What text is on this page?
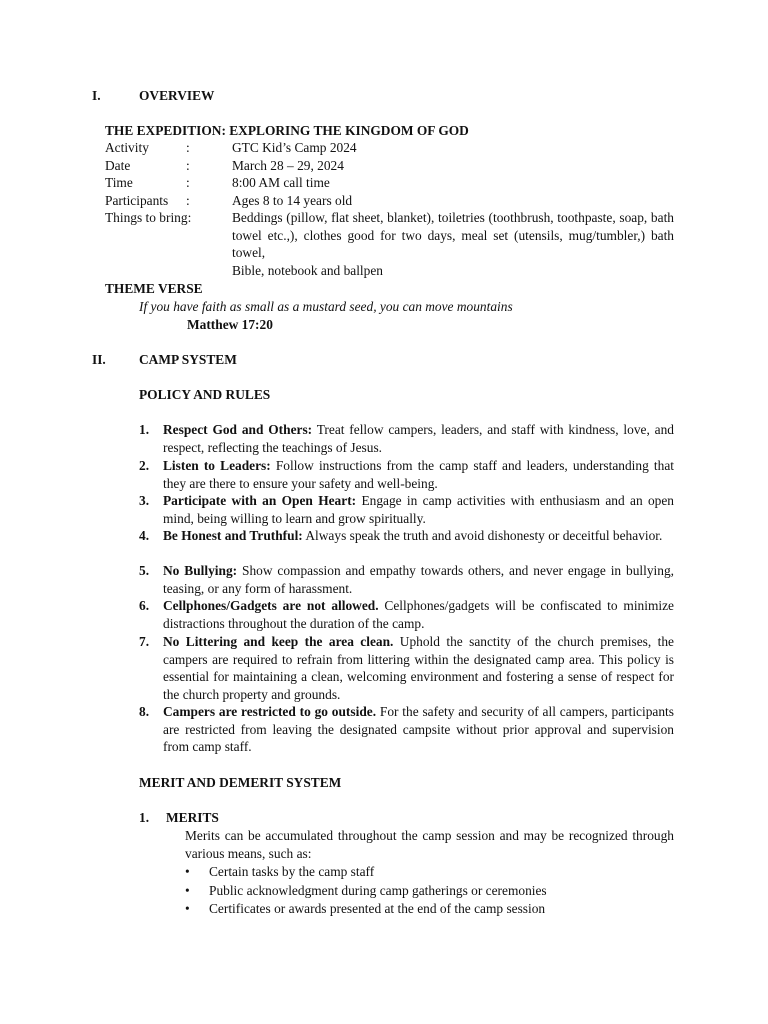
I.	OVERVIEW
THE EXPEDITION: EXPLORING THE KINGDOM OF GOD
Activity	:	GTC Kid’s Camp 2024
Date	:	March 28 – 29, 2024
Time	:	8:00 AM call time
Participants :	Ages 8 to 14 years old
Things to bring:	Beddings (pillow, flat sheet, blanket), toiletries (toothbrush, toothpaste, soap, bath towel etc.,), clothes good for two days, meal set (utensils, mug/tumbler,) bath towel,
Bible, notebook and ballpen
THEME VERSE
If you have faith as small as a mustard seed, you can move mountains
Matthew 17:20
II. CAMP SYSTEM
POLICY AND RULES
1. Respect God and Others: Treat fellow campers, leaders, and staff with kindness, love, and respect, reflecting the teachings of Jesus.
2. Listen to Leaders: Follow instructions from the camp staff and leaders, understanding that they are there to ensure your safety and well-being.
3. Participate with an Open Heart: Engage in camp activities with enthusiasm and an open mind, being willing to learn and grow spiritually.
4. Be Honest and Truthful: Always speak the truth and avoid dishonesty or deceitful behavior.
5. No Bullying: Show compassion and empathy towards others, and never engage in bullying, teasing, or any form of harassment.
6. Cellphones/Gadgets are not allowed. Cellphones/gadgets will be confiscated to minimize distractions throughout the duration of the camp.
7. No Littering and keep the area clean. Uphold the sanctity of the church premises, the campers are required to refrain from littering within the designated camp area. This policy is essential for maintaining a clean, welcoming environment and fostering a sense of respect for the church property and grounds.
8. Campers are restricted to go outside. For the safety and security of all campers, participants are restricted from leaving the designated campsite without prior approval and supervision from camp staff.
MERIT AND DEMERIT SYSTEM
1. MERITS
Merits can be accumulated throughout the camp session and may be recognized through various means, such as:
• Certain tasks by the camp staff
• Public acknowledgment during camp gatherings or ceremonies
• Certificates or awards presented at the end of the camp session
